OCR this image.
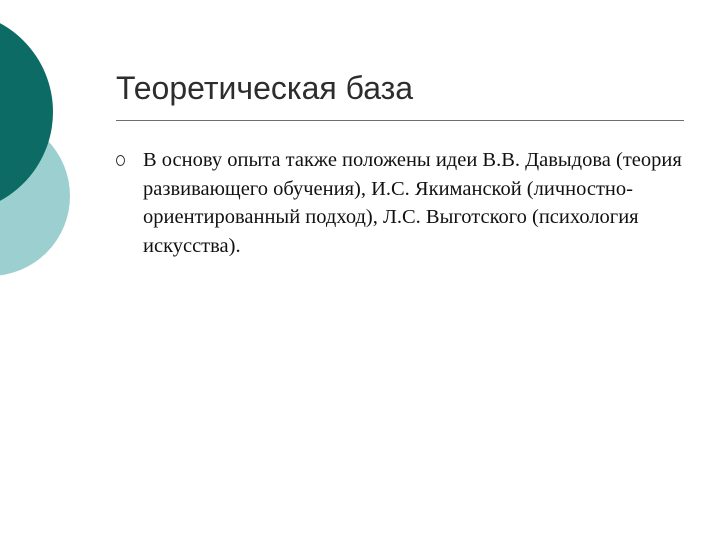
Теоретическая база
В основу опыта также положены идеи В.В. Давыдова (теория развивающего обучения), И.С. Якиманской (личностно-ориентированный подход), Л.С. Выготского (психология искусства).
